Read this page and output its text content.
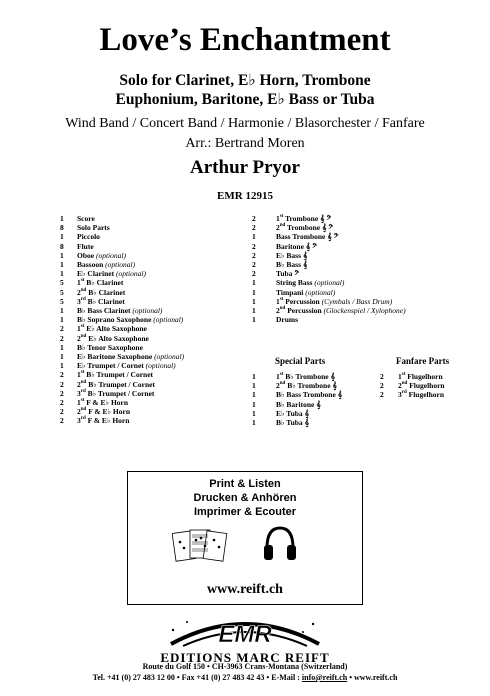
Love’s Enchantment
Solo for Clarinet, E♭ Horn, Trombone
Euphonium, Baritone, E♭ Bass or Tuba
Wind Band / Concert Band / Harmonie / Blasorchester / Fanfare
Arr.: Bertrand Moren
Arthur Pryor
EMR 12915
1	Score
8	Solo Parts
1	Piccolo
8	Flute
1	Oboe (optional)
1	Bassoon (optional)
1	E♭ Clarinet (optional)
5	1st B♭ Clarinet
5	2nd B♭ Clarinet
5	3rd B♭ Clarinet
1	B♭ Bass Clarinet (optional)
1	B♭ Soprano Saxophone (optional)
2	1st E♭ Alto Saxophone
2	2nd E♭ Alto Saxophone
1	B♭ Tenor Saxophone
1	E♭ Baritone Saxophone (optional)
1	E♭ Trumpet / Cornet (optional)
2	1st B♭ Trumpet / Cornet
2	2nd B♭ Trumpet / Cornet
2	3rd B♭ Trumpet / Cornet
2	1st F & E♭ Horn
2	2nd F & E♭ Horn
2	3rd F & E♭ Horn
2	1st Trombone 𝄞 𝄢
2	2nd Trombone 𝄞 𝄢
1	Bass Trombone 𝄞 𝄢
2	Baritone 𝄞 𝄢
2	E♭ Bass 𝄞
2	B♭ Bass 𝄞
2	Tuba 𝄢
1	String Bass (optional)
1	Timpani (optional)
1	1st Percussion (Cymbals / Bass Drum)
1	2nd Percussion (Glockenspiel / Xylophone)
1	Drums
Special Parts	Fanfare Parts
1	1st B♭ Trombone 𝄞
1	2nd B♭ Trombone 𝄞
1	B♭ Bass Trombone 𝄞
1	B♭ Baritone 𝄞
1	E♭ Tuba 𝄞
1	B♭ Tuba 𝄞
2	1st Flugelhorn
2	2nd Flugelhorn
2	3rd Flugelhorn
Print & Listen
Drucken & Anhören
Imprimer & Ecouter
www.reift.ch
EMR
EDITIONS MARC REIFT
Route du Golf 150 • CH-3963 Crans-Montana (Switzerland)
Tel. +41 (0) 27 483 12 00 • Fax +41 (0) 27 483 42 43 • E-Mail : info@reift.ch • www.reift.ch
